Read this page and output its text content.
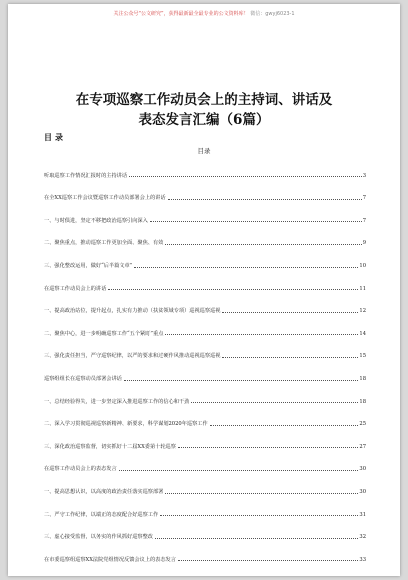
关注公众号“公文研究”，获得最新最全最专业的公文资料库！ 微信：gwyj6023-1
在专项巡察工作动员会上的主持词、讲话及
表态发言汇编（6篇）
目录
目录
听取巡察工作情况汇报时的主持讲话	3
在全XX巡察工作会议暨巡察工作动员部署会上的讲话	7
一、与时俱进，坚定不移把政治巡察引向深入	7
二、聚焦重点，推动巡察工作更加全面、聚焦、有效	9
三、强化整改运用，做好“后半篇文章”	10
在巡察工作动员会上的讲话	11
一、提高政治站位，提升起点，扎实有力推动（扶贫领域专项）巡视巡察巡视	12
二、聚焦中心，进一步明确巡察工作“五个紧盯”重点	14
三、强化责任担当，严守巡察纪律，以严的要求和过硬作风推动巡视巡察巡视	15
巡察组组长在巡察动员部署会讲话	18
一、总结经验得失，进一步坚定深入推进巡察工作的信心和干劲	18
二、深入学习贯彻巡视巡察新精神、新要求，科学谋划2020年巡察工作	25
三、深化政治巡察监督，切实抓好十二届XX委第十轮巡察	27
在巡察工作动员会上的表态发言	30
一、提高思想认识，以高度的政治责任落实巡察部署	30
二、严守工作纪律，以端正的态度配合好巡察工作	31
三、虚心接受监督，以务实的作风抓好巡察整改	32
在市委巡察组巡察XX法院党组情况反馈会议上的表态发言	33
